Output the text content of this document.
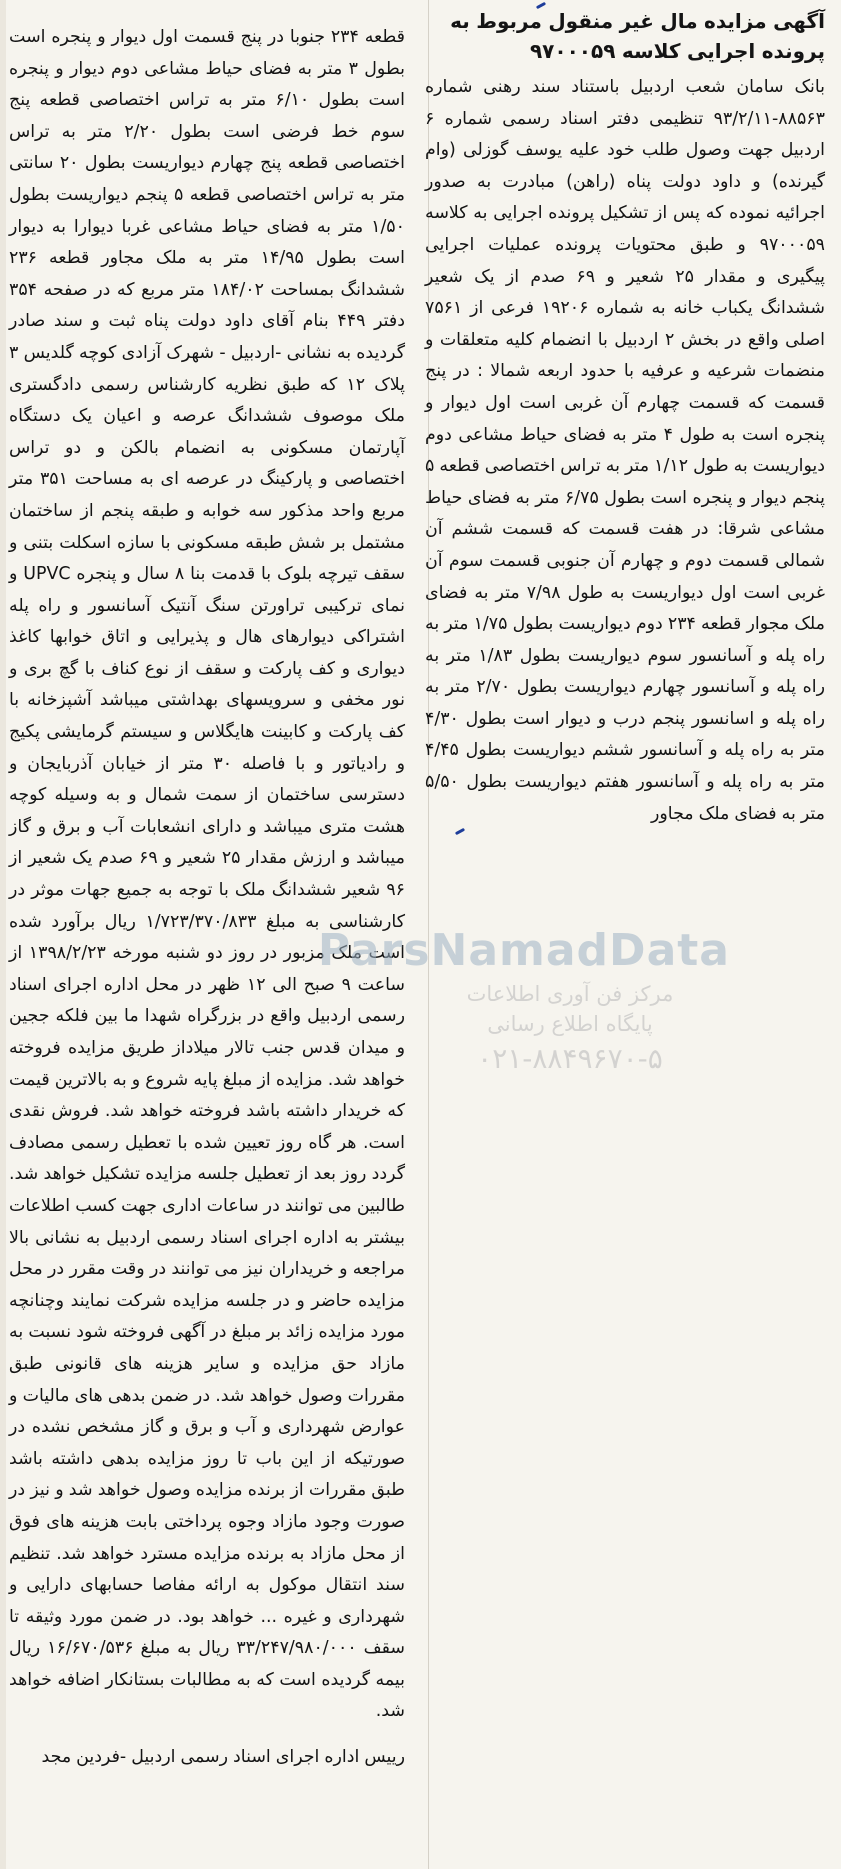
آگهی مزایده مال غیر منقول مربوط به
پرونده اجرایی کلاسه ۹۷۰۰۰۵۹

بانک سامان شعب اردبیل باستناد سند رهنی شماره ۸۸۵۶۳-۹۳/۲/۱۱ تنظیمی دفتر اسناد رسمی شماره ۶ اردبیل جهت وصول طلب خود علیه یوسف گوزلی (وام گیرنده) و داود دولت پناه (راهن) مبادرت به صدور اجرائیه نموده که پس از تشکیل پرونده اجرایی به کلاسه ۹۷۰۰۰۵۹ و طبق محتویات پرونده عملیات اجرایی پیگیری و مقدار ۲۵ شعیر و ۶۹ صدم از یک شعیر ششدانگ یکباب خانه به شماره ۱۹۲۰۶ فرعی از ۷۵۶۱ اصلی واقع در بخش ۲ اردبیل با انضمام کلیه متعلقات و منضمات شرعیه و عرفیه با حدود اربعه شمالا : در پنج قسمت که قسمت چهارم آن غربی است اول دیوار و پنجره است به طول ۴ متر به فضای حیاط مشاعی دوم دیواریست به طول ۱/۱۲ متر به تراس اختصاصی قطعه ۵ پنجم دیوار و پنجره است بطول ۶/۷۵ متر به فضای حیاط مشاعی شرقا: در هفت قسمت که قسمت ششم آن شمالی قسمت دوم و چهارم آن جنوبی قسمت سوم آن غربی است اول دیواریست به طول ۷/۹۸ متر به فضای ملک مجوار قطعه ۲۳۴ دوم دیواریست بطول ۱/۷۵ متر به راه پله و آسانسور سوم دیواریست بطول ۱/۸۳ متر به راه پله و آسانسور چهارم دیواریست بطول ۲/۷۰ متر به راه پله و اسانسور پنجم درب و دیوار است بطول ۴/۳۰ متر به راه پله و آسانسور ششم دیواریست بطول ۴/۴۵ متر به راه پله و آسانسور هفتم دیواریست بطول ۵/۵۰ متر به فضای ملک مجاور

قطعه ۲۳۴ جنوبا در پنج قسمت اول دیوار و پنجره است بطول ۳ متر به فضای حیاط مشاعی دوم دیوار و پنجره است بطول ۶/۱۰ متر به تراس اختصاصی قطعه پنج سوم خط فرضی است بطول ۲/۲۰ متر به تراس اختصاصی قطعه پنج چهارم دیواریست بطول ۲۰ سانتی متر به تراس اختصاصی قطعه ۵ پنجم دیواریست بطول ۱/۵۰ متر به فضای حیاط مشاعی غربا دیوارا به دیوار است بطول ۱۴/۹۵ متر به ملک مجاور قطعه ۲۳۶ ششدانگ بمساحت ۱۸۴/۰۲ متر مربع که در صفحه ۳۵۴ دفتر ۴۴۹ بنام آقای داود دولت پناه ثبت و سند صادر گردیده به نشانی -اردبیل - شهرک آزادی کوچه گلدیس ۳ پلاک ۱۲ که طبق نظریه کارشناس رسمی دادگستری ملک موصوف ششدانگ عرصه و اعیان یک دستگاه آپارتمان مسکونی به انضمام بالکن و دو تراس اختصاصی و پارکینگ در عرصه ای به مساحت ۳۵۱ متر مربع واحد مذکور سه خوابه و طبقه پنجم از ساختمان مشتمل بر شش طبقه مسکونی با سازه اسکلت بتنی و سقف تیرچه بلوک با قدمت بنا ۸ سال و پنجره UPVC و نمای ترکیبی تراورتن سنگ آنتیک آسانسور و راه پله اشتراکی دیوارهای هال و پذیرایی و اتاق خوابها کاغذ دیواری و کف پارکت و سقف از نوع کناف با گچ بری و نور مخفی و سرویسهای بهداشتی میباشد آشپزخانه با کف پارکت و کابینت هایگلاس و سیستم گرمایشی پکیج و رادیاتور و با فاصله ۳۰ متر از خیابان آذربایجان و دسترسی ساختمان از سمت شمال و به وسیله کوچه هشت متری میباشد و دارای انشعابات آب و برق و گاز میباشد و ارزش مقدار ۲۵ شعیر و ۶۹ صدم یک شعیر از ۹۶ شعیر ششدانگ ملک با توجه به جمیع جهات موثر در کارشناسی به مبلغ ۱/۷۲۳/۳۷۰/۸۳۳ ریال برآورد شده است ملک مزبور در روز دو شنبه مورخه ۱۳۹۸/۲/۲۳ از ساعت ۹ صبح الی ۱۲ ظهر در محل اداره اجرای اسناد رسمی اردبیل واقع در بزرگراه شهدا ما بین فلکه ججین و میدان قدس جنب تالار میلاداز طریق مزایده فروخته خواهد شد. مزایده از مبلغ پایه شروع و به بالاترین قیمت که خریدار داشته باشد فروخته خواهد شد. فروش نقدی است. هر گاه روز تعیین شده با تعطیل رسمی مصادف گردد روز بعد از تعطیل جلسه مزایده تشکیل خواهد شد. طالبین می توانند در ساعات اداری جهت کسب اطلاعات بیشتر به اداره اجرای اسناد رسمی اردبیل به نشانی بالا مراجعه و خریداران نیز می توانند در وقت مقرر در محل مزایده حاضر و در جلسه مزایده شرکت نمایند وچنانچه مورد مزایده زائد بر مبلغ در آگهی فروخته شود نسبت به مازاد حق مزایده و سایر هزینه های قانونی طبق مقررات وصول خواهد شد. در ضمن بدهی های مالیات و عوارض شهرداری و آب و برق و گاز مشخص نشده در صورتیکه از این باب تا روز مزایده بدهی داشته باشد طبق مقررات از برنده مزایده وصول خواهد شد و نیز در صورت وجود مازاد وجوه پرداختی بابت هزینه های فوق از محل مازاد به برنده مزایده مسترد خواهد شد. تنظیم سند انتقال موکول به ارائه مفاصا حسابهای دارایی و شهرداری و غیره ... خواهد بود. در ضمن مورد وثیقه تا سقف ۳۳/۲۴۷/۹۸۰/۰۰۰ ریال به مبلغ ۱۶/۶۷۰/۵۳۶ ریال بیمه گردیده است که به مطالبات بستانکار اضافه خواهد شد.

رییس اداره اجرای اسناد رسمی اردبیل -فردین مجد

ParsNamadData
مرکز فن آوری اطلاعات
پایگاه اطلاع رسانی
۰۲۱-۸۸۴۹۶۷۰-۵
